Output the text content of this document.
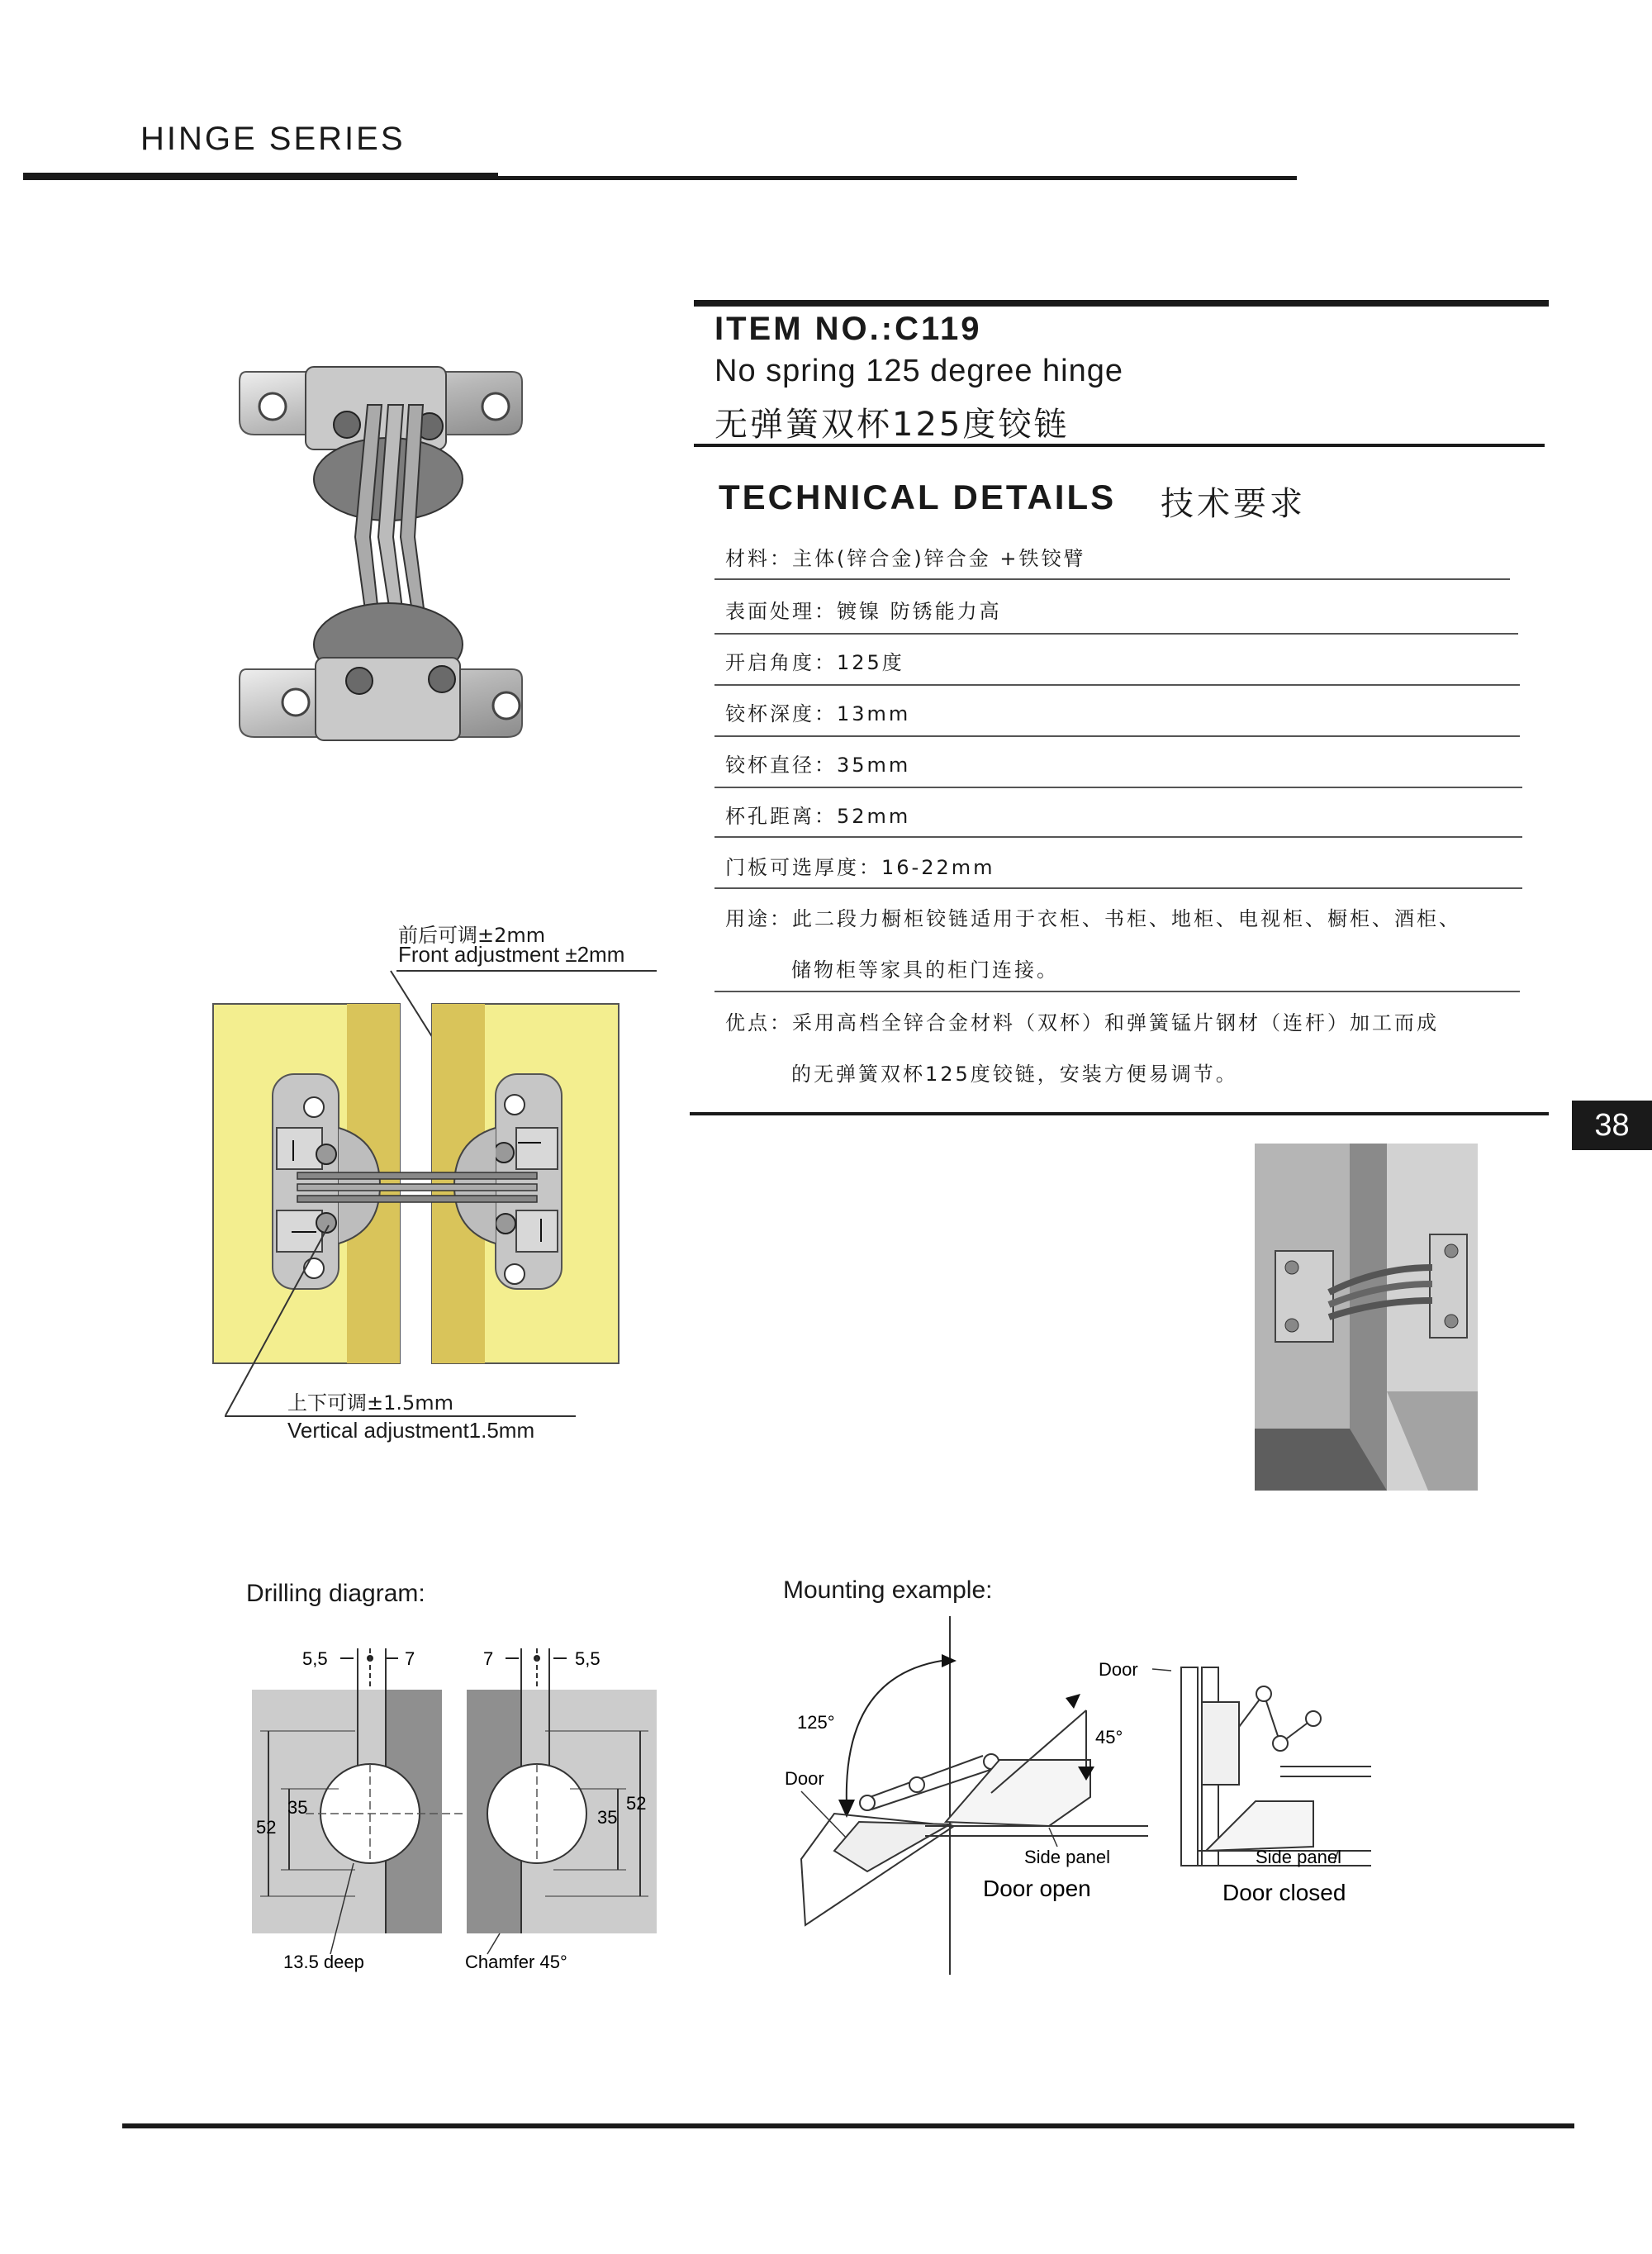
HINGE SERIES
ITEM NO.:C119
No spring 125 degree hinge
无弹簧双杯125度铰链
TECHNICAL DETAILS 技术要求
材料：主体(锌合金)锌合金 +铁铰臂
表面处理：镀镍 防锈能力高
开启角度：125度
铰杯深度：13mm
铰杯直径：35mm
杯孔距离：52mm
门板可选厚度：16-22mm
用途：此二段力橱柜铰链适用于衣柜、书柜、地柜、电视柜、橱柜、酒柜、
储物柜等家具的柜门连接。
优点：采用高档全锌合金材料（双杯）和弹簧锰片钢材（连杆）加工而成
的无弹簧双杯125度铰链，安装方便易调节。
38
前后可调±2mm
Front adjustment ±2mm
上下可调±1.5mm
Vertical adjustment1.5mm
Drilling diagram:
5,5	7	7	5,5
52
35	52
35
13.5 deep	Chamfer 45°
Mounting example:
125°
Door
Side panel
Door open
45°
Door
Side panel
Door closed
